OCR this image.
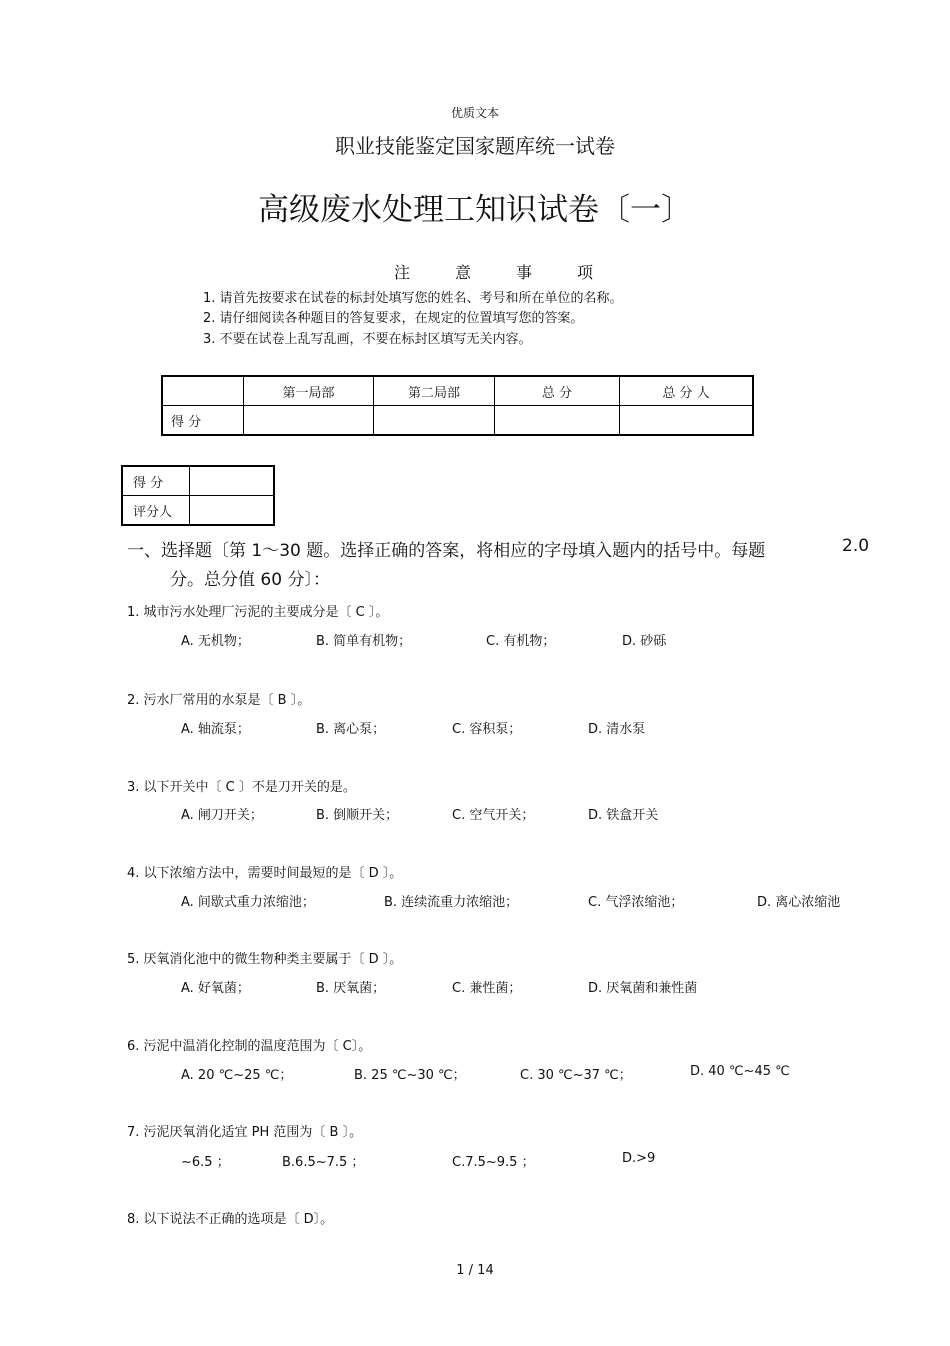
优质文本
职业技能鉴定国家题库统一试卷
高级废水处理工知识试卷〔一〕
注	意	事	项
1. 请首先按要求在试卷的标封处填写您的姓名、考号和所在单位的名称。
2. 请仔细阅读各种题目的答复要求，在规定的位置填写您的答案。
3. 不要在试卷上乱写乱画，不要在标封区填写无关内容。
	第一局部	第二局部	总 分	总 分 人
得 分				
得 分	
评分人	
一、选择题〔第 1～30 题。选择正确的答案，将相应的字母填入题内的括号中。每题	2.0
分。总分值 60 分〕：
1. 城市污水处理厂污泥的主要成分是〔 C 〕。
A. 无机物；	B. 简单有机物；	C. 有机物；	D. 砂砾
2. 污水厂常用的水泵是〔 B 〕。
A. 轴流泵；	B. 离心泵；	C. 容积泵；	D. 清水泵
3. 以下开关中〔 C 〕不是刀开关的是。
A. 闸刀开关；	B. 倒顺开关；	C. 空气开关；	D. 铁盒开关
4. 以下浓缩方法中，需要时间最短的是〔 D 〕。
A. 间歇式重力浓缩池；	B. 连续流重力浓缩池；	C. 气浮浓缩池；	D. 离心浓缩池
5. 厌氧消化池中的微生物种类主要属于〔 D 〕。
A. 好氧菌；	B. 厌氧菌；	C. 兼性菌；	D. 厌氧菌和兼性菌
6. 污泥中温消化控制的温度范围为〔 C〕。
A. 20 ℃~25 ℃；	B. 25 ℃~30 ℃；	C. 30 ℃~37 ℃；	D. 40 ℃~45 ℃
7. 污泥厌氧消化适宜 PH 范围为〔 B 〕。
~6.5 ；	B.6.5~7.5 ；	C.7.5~9.5 ；	D.>9
8. 以下说法不正确的选项是〔 D〕。
1 / 14
